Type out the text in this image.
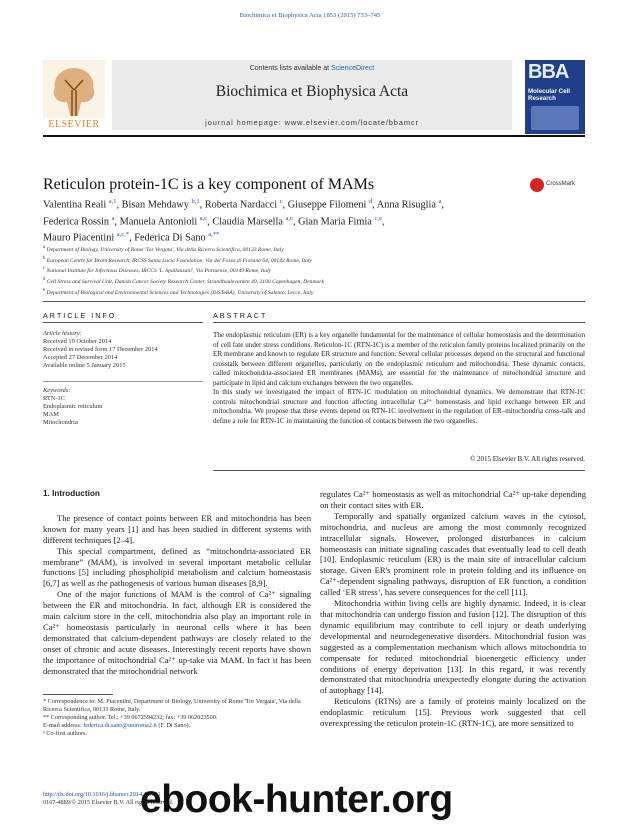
Biochimica et Biophysica Acta 1853 (2015) 733–745
Contents lists available at ScienceDirect
Biochimica et Biophysica Acta
journal homepage: www.elsevier.com/locate/bbamcr
ELSEVIER
BBA
Molecular Cell Research
Reticulon protein-1C is a key component of MAMs	CrossMark
Valentina Reali $^{a,1}$, Bisan Mehdawy $^{b,1}$, Roberta Nardacci $^c$, Giuseppe Filomeni $^d$, Anna Risuglia $^a$,
Federica Rossin $^a$, Manuela Antonioli $^{a,c}$, Claudia Marsella $^{a,c}$, Gian Maria Fimia $^{c,e}$,
Mauro Piacentini $^{a,c,*}$, Federica Di Sano $^{a,**}$
$^a$ Department of Biology, University of Rome 'Tor Vergata', Via della Ricerca Scientifica, 00133 Rome, Italy
$^b$ European Centre for Brain Research, IRCSS Santa Lucia Foundation, Via del Fosso di Fiorano 64, 00143 Rome, Italy
$^c$ National Institute for Infectious Diseases, IRCCS 'L. Spallanzani', Via Portuense, 00149 Rome, Italy
$^d$ Cell Stress and Survival Unit, Danish Cancer Society Research Center, Strandboulevarden 49, 2100 Copenhagen, Denmark
$^e$ Department of Biological and Environmental Sciences and Technologies (DiSTeBA), University of Salento, Lecce, Italy
ARTICLE INFO	ABSTRACT
Article history:
Received 19 October 2014
Received in revised form 17 December 2014
Accepted 27 December 2014
Available online 5 January 2015
Keywords:
RTN-1C
Endoplasmic reticulum
MAM
Mitochondria

The endoplasmic reticulum (ER) is a key organelle fundamental for the maintenance of cellular homeostasis and the determination of cell fate under stress conditions. Reticulon-1C (RTN-1C) is a member of the reticulon family proteins localized primarily on the ER membrane and known to regulate ER structure and function. Several cellular processes depend on the structural and functional crosstalk between different organelles, particularly on the endoplasmic reticulum and mitochondria. These dynamic contacts, called mitochondria-associated ER membranes (MAMs), are essential for the maintenance of mitochondrial structure and participate in lipid and calcium exchanges between the two organelles.

In this study we investigated the impact of RTN-1C modulation on mitochondrial dynamics. We demonstrate that RTN-1C controls mitochondrial structure and function affecting intracellular Ca²⁺ homeostasis and lipid exchange between ER and mitochondria. We propose that these events depend on RTN-1C involvement in the regulation of ER–mitochondria cross-talk and define a role for RTN-1C in maintaining the function of contacts between the two organelles.

© 2015 Elsevier B.V. All rights reserved.
1. Introduction

The presence of contact points between ER and mitochondria has been known for many years [1] and has been studied in different systems with different techniques [2–4].

This special compartment, defined as “mitochondria-associated ER membrane” (MAM), is involved in several important metabolic cellular functions [5] including phospholipid metabolism and calcium homeostasis [6,7] as well as the pathogenesis of various human diseases [8,9].

One of the major functions of MAM is the control of Ca²⁺ signaling between the ER and mitochondria. In fact, although ER is considered the main calcium store in the cell, mitochondria also play an important role in Ca²⁺ homeostasis particularly in neuronal cells where it has been demonstrated that calcium-dependent pathways are closely related to the onset of chronic and acute diseases. Interestingly recent reports have shown the importance of mitochondrial Ca²⁺ up-take via MAM. In fact it has been demonstrated that the mitochondrial network

regulates Ca²⁺ homeostasis as well as mitochondrial Ca²⁺ up-take depending on their contact sites with ER.

Temporally and spatially organized calcium waves in the cytosol, mitochondria, and nucleus are among the most commonly recognized intracellular signals. However, prolonged disturbances in calcium homeostasis can initiate signaling cascades that eventually lead to cell death [10]. Endoplasmic reticulum (ER) is the main site of intracellular calcium storage. Given ER's prominent role in protein folding and its influence on Ca²⁺-dependent signaling pathways, disruption of ER function, a condition called ‘ER stress’, has severe consequences for the cell [11].

Mitochondria within living cells are highly dynamic. Indeed, it is clear that mitochondria can undergo fission and fusion [12]. The disruption of this dynamic equilibrium may contribute to cell injury or death underlying developmental and neurodegenerative disorders. Mitochondrial fusion was suggested as a complementation mechanism which allows mitochondria to compensate for reduced mitochondrial bioenergetic efficiency under conditions of energy deprivation [13]. In this regard, it was recently demonstrated that mitochondria unexpectedly elongate during the activation of autophagy [14].

Reticulons (RTNs) are a family of proteins mainly localized on the endoplasmic reticulum [15]. Previous work suggested that cell overexpressing the reticulon protein-1C (RTN-1C), are more sensitized to

* Correspondence to: M. Piacentini, Department of Biology, University of Rome 'Tor Vergata', Via della Ricerca Scientifica, 00133 Rome, Italy.
** Corresponding author. Tel.: +39 0672594232; fax: +39 062023500.
E-mail address: federica.di.sano@uniroma2.it (F. Di Sano).
¹ Co-first authors.
http://dx.doi.org/10.1016/j.bbamcr.2014.12.031
0167-4889/© 2015 Elsevier B.V. All rights reserved.
ebook-hunter.org
